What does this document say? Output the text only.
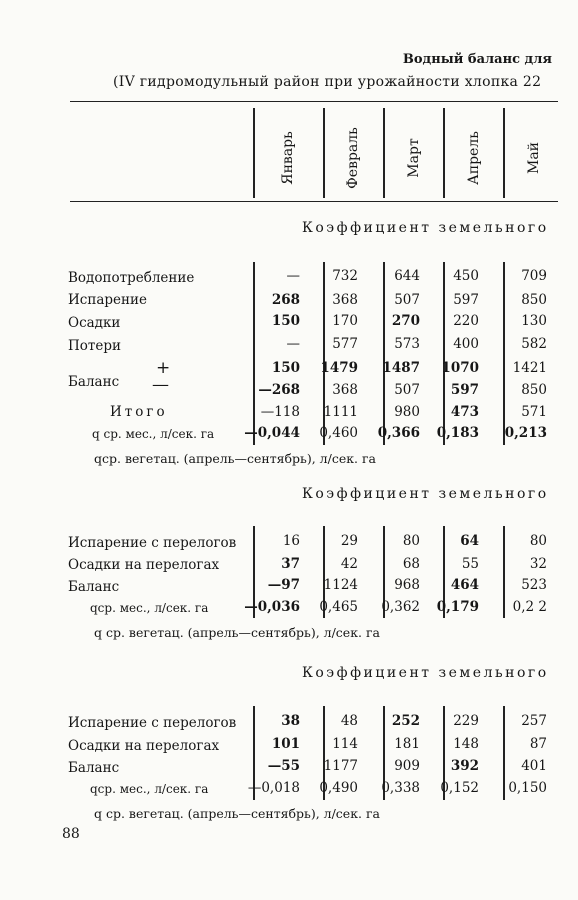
Водный баланс для
(IV гидромодульный район при урожайности хлопка 22
Январь	Февраль	Март	Апрель	Май
Коэффициент земельного
Водопотребление	—	732	644	450	709
Испарение	268	368	507	597	850
Осадки	150	170	270	220	130
Потери	—	577	573	400	582
+	150	1479	1487	1070	1421
Баланс —	—268	368	507	597	850
Итого	—118	1111	980	473	571
q ср. мес., л/сек. га	—0,044	0,460	0,366	0,183	0,213
qср. вегетац. (апрель—сентябрь), л/сек. га
Коэффициент земельного
Испарение с перелогов	16	29	80	64	80
Осадки на перелогах	37	42	68	55	32
Баланс	—97	1124	968	464	523
qср. мес., л/сек. га	—0,036	0,465	0,362	0,179	0,2 2
q ср. вегетац. (апрель—сентябрь), л/сек. га
Коэффициент земельного
Испарение с перелогов	38	48	252	229	257
Осадки на перелогах	101	114	181	148	87
Баланс	—55	1177	909	392	401
qср. мес., л/сек. га	—0,018	0,490	0,338	0,152	0,150
q ср. вегетац. (апрель—сентябрь), л/сек. га
88
